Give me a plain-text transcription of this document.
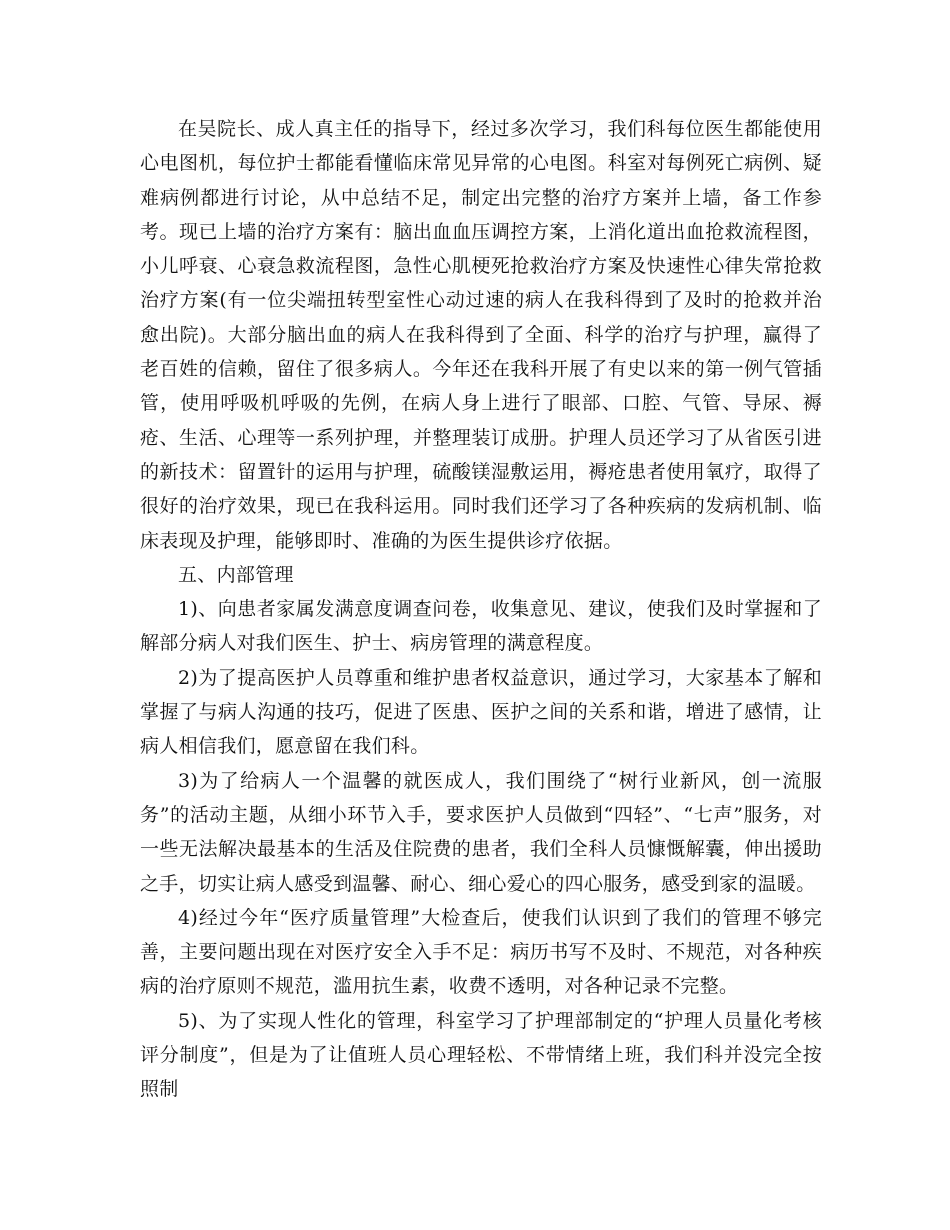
在吴院长、成人真主任的指导下，经过多次学习，我们科每位医生都能使用心电图机，每位护士都能看懂临床常见异常的心电图。科室对每例死亡病例、疑难病例都进行讨论，从中总结不足，制定出完整的治疗方案并上墙，备工作参考。现已上墙的治疗方案有：脑出血血压调控方案，上消化道出血抢救流程图，小儿呼衰、心衰急救流程图，急性心肌梗死抢救治疗方案及快速性心律失常抢救治疗方案(有一位尖端扭转型室性心动过速的病人在我科得到了及时的抢救并治愈出院)。大部分脑出血的病人在我科得到了全面、科学的治疗与护理，赢得了老百姓的信赖，留住了很多病人。今年还在我科开展了有史以来的第一例气管插管，使用呼吸机呼吸的先例，在病人身上进行了眼部、口腔、气管、导尿、褥疮、生活、心理等一系列护理，并整理装订成册。护理人员还学习了从省医引进的新技术：留置针的运用与护理，硫酸镁湿敷运用，褥疮患者使用氧疗，取得了很好的治疗效果，现已在我科运用。同时我们还学习了各种疾病的发病机制、临床表现及护理，能够即时、准确的为医生提供诊疗依据。

五、内部管理

1)、向患者家属发满意度调查问卷，收集意见、建议，使我们及时掌握和了解部分病人对我们医生、护士、病房管理的满意程度。

2)为了提高医护人员尊重和维护患者权益意识，通过学习，大家基本了解和掌握了与病人沟通的技巧，促进了医患、医护之间的关系和谐，增进了感情，让病人相信我们，愿意留在我们科。

3)为了给病人一个温馨的就医成人，我们围绕了“树行业新风，创一流服务”的活动主题，从细小环节入手，要求医护人员做到“四轻”、“七声”服务，对一些无法解决最基本的生活及住院费的患者，我们全科人员慷慨解囊，伸出援助之手，切实让病人感受到温馨、耐心、细心爱心的四心服务，感受到家的温暖。

4)经过今年“医疗质量管理”大检查后，使我们认识到了我们的管理不够完善，主要问题出现在对医疗安全入手不足：病历书写不及时、不规范，对各种疾病的治疗原则不规范，滥用抗生素，收费不透明，对各种记录不完整。

5)、为了实现人性化的管理，科室学习了护理部制定的“护理人员量化考核评分制度”，但是为了让值班人员心理轻松、不带情绪上班，我们科并没完全按照制
